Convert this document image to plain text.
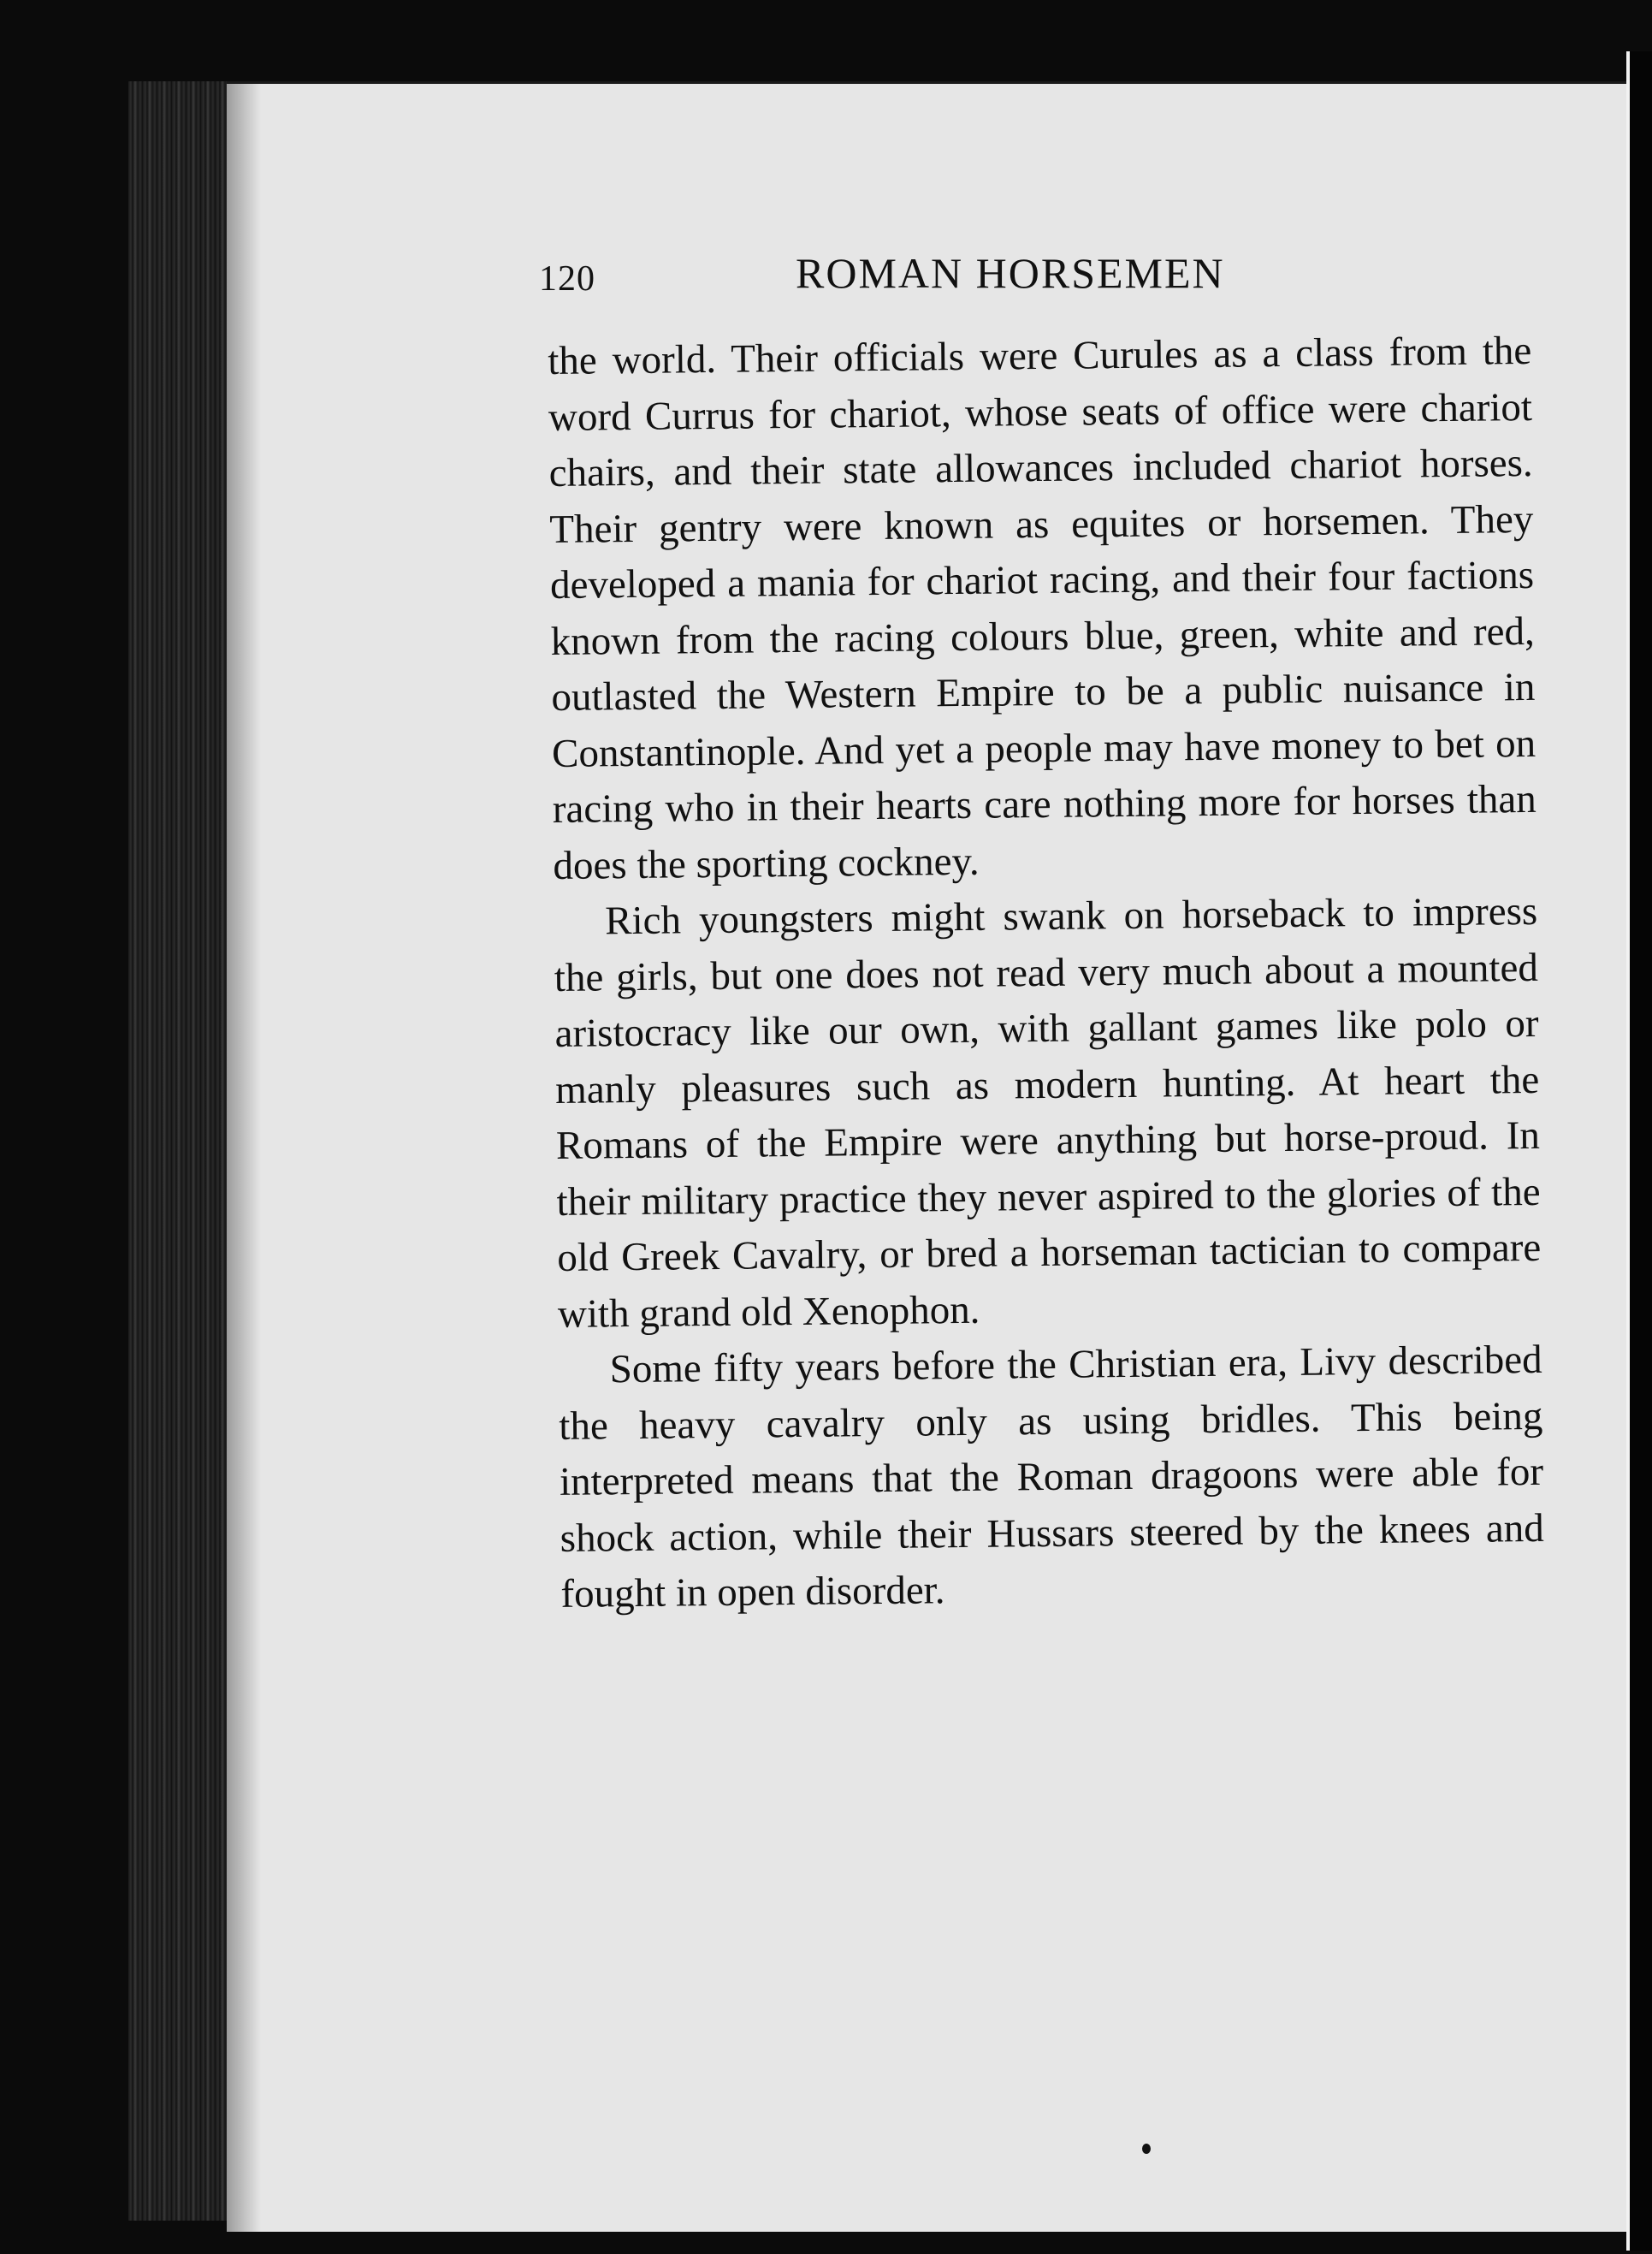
120	ROMAN HORSEMEN

the world. Their officials were Curules as a class from the word Currus for chariot, whose seats of office were chariot chairs, and their state allowances included chariot horses. Their gentry were known as equites or horsemen. They developed a mania for chariot racing, and their four factions known from the racing colours blue, green, white and red, outlasted the Western Empire to be a public nuisance in Constantinople. And yet a people may have money to bet on racing who in their hearts care nothing more for horses than does the sporting cockney.

Rich youngsters might swank on horseback to impress the girls, but one does not read very much about a mounted aristocracy like our own, with gallant games like polo or manly pleasures such as modern hunting. At heart the Romans of the Empire were anything but horse-proud. In their military practice they never aspired to the glories of the old Greek Cavalry, or bred a horseman tactician to compare with grand old Xenophon.

Some fifty years before the Christian era, Livy described the heavy cavalry only as using bridles. This being interpreted means that the Roman dragoons were able for shock action, while their Hussars steered by the knees and fought in open disorder.
